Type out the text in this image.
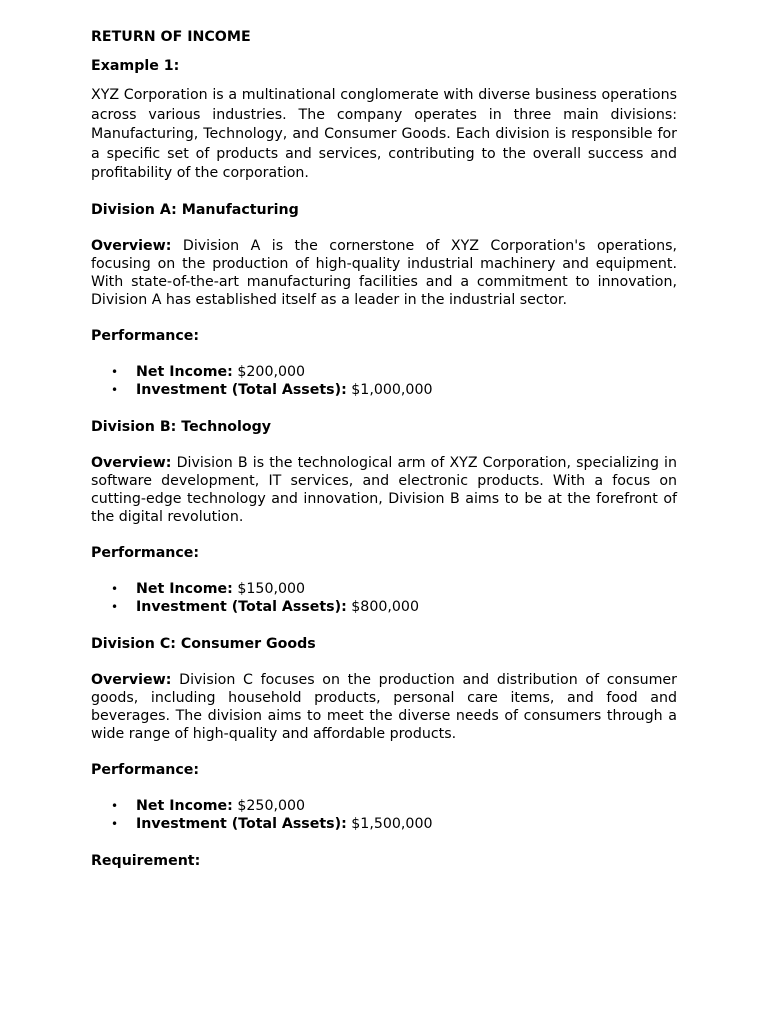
RETURN OF INCOME
Example 1:

XYZ Corporation is a multinational conglomerate with diverse business operations across various industries. The company operates in three main divisions: Manufacturing, Technology, and Consumer Goods. Each division is responsible for a specific set of products and services, contributing to the overall success and profitability of the corporation.

Division A: Manufacturing

Overview: Division A is the cornerstone of XYZ Corporation's operations, focusing on the production of high-quality industrial machinery and equipment. With state-of-the-art manufacturing facilities and a commitment to innovation, Division A has established itself as a leader in the industrial sector.

Performance:
• Net Income: $200,000
• Investment (Total Assets): $1,000,000
Division B: Technology

Overview: Division B is the technological arm of XYZ Corporation, specializing in software development, IT services, and electronic products. With a focus on cutting-edge technology and innovation, Division B aims to be at the forefront of the digital revolution.

Performance:
• Net Income: $150,000
• Investment (Total Assets): $800,000
Division C: Consumer Goods

Overview: Division C focuses on the production and distribution of consumer goods, including household products, personal care items, and food and beverages. The division aims to meet the diverse needs of consumers through a wide range of high-quality and affordable products.

Performance:
• Net Income: $250,000
• Investment (Total Assets): $1,500,000
Requirement:
